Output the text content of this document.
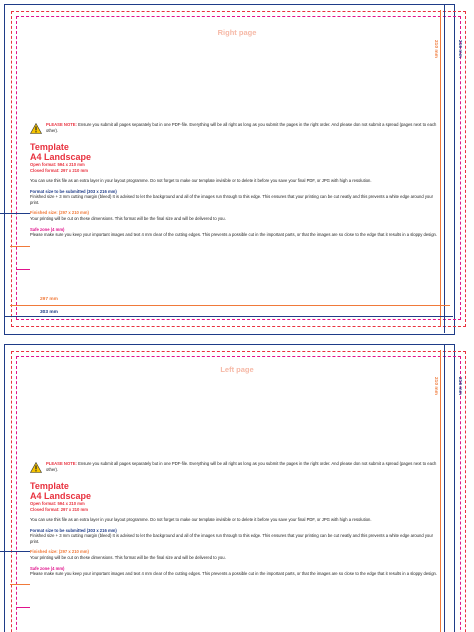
Right page
297 mm
303 mm
216 mm
210 mm
PLEASE NOTE: Ensure you submit all pages separately but in one PDF-file. Everything will be all right as long as you submit the pages in the right order. And please don not submit a spread (pages next to each other).
Template
A4 Landscape
Open format: 594 x 210 mm
Closed format: 297 x 210 mm
You can use this file as an extra layer in your layout programme. Do not forget to make our template invisible or to delete it before you save your final PDF, or JPG with high a resolution.
Format size to be submitted (303 x 216 mm)
Finished size + 3 mm cutting margin (bleed) It is advised to let the background and all of the images run through to this edge. This ensures that your printing can be cut neatly and this prevents a white edge around your print.
Finished size: (297 x 210 mm)
Your printing will be cut on these dimensions. This format will be the final size and will be delivered to you.
Safe zone (4 mm)
Please make sure you keep your important images and text 4 mm clear of the cutting edges. This prevents a possible cut in the important parts, or that the images are so close to the edge that it results in a sloppy design.
Left page
216 mm
210 mm
PLEASE NOTE: Ensure you submit all pages separately but in one PDF-file. Everything will be all right as long as you submit the pages in the right order. And please don not submit a spread (pages next to each other).
Template
A4 Landscape
Open format: 594 x 210 mm
Closed format: 297 x 210 mm
You can use this file as an extra layer in your layout programme. Do not forget to make our template invisible or to delete it before you save your final PDF, or JPG with high a resolution.
Format size to be submitted (303 x 216 mm)
Finished size + 3 mm cutting margin (bleed) It is advised to let the background and all of the images run through to this edge. This ensures that your printing can be cut neatly and this prevents a white edge around your print.
Finished size: (297 x 210 mm)
Your printing will be cut on these dimensions. This format will be the final size and will be delivered to you.
Safe zone (4 mm)
Please make sure you keep your important images and text 4 mm clear of the cutting edges. This prevents a possible cut in the important parts, or that the images are so close to the edge that it results in a sloppy design.
